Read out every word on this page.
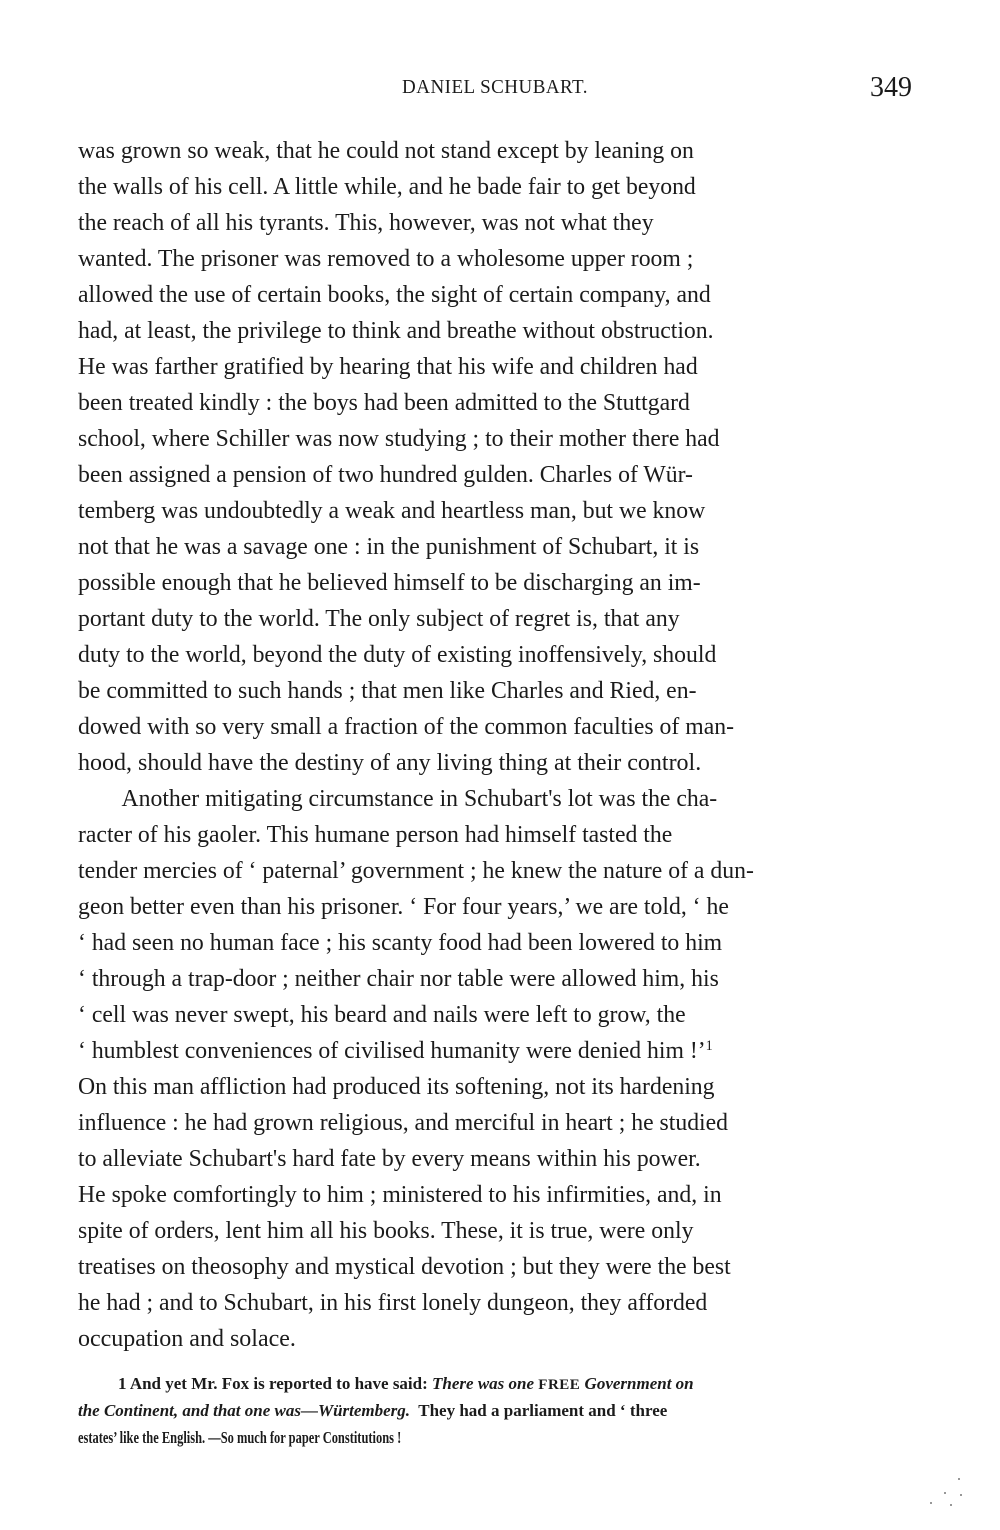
DANIEL SCHUBART.	349
was grown so weak, that he could not stand except by leaning on
the walls of his cell. A little while, and he bade fair to get beyond
the reach of all his tyrants. This, however, was not what they
wanted. The prisoner was removed to a wholesome upper room ;
allowed the use of certain books, the sight of certain company, and
had, at least, the privilege to think and breathe without obstruction.
He was farther gratified by hearing that his wife and children had
been treated kindly : the boys had been admitted to the Stuttgard
school, where Schiller was now studying ; to their mother there had
been assigned a pension of two hundred gulden. Charles of Wür-
temberg was undoubtedly a weak and heartless man, but we know
not that he was a savage one : in the punishment of Schubart, it is
possible enough that he believed himself to be discharging an im-
portant duty to the world. The only subject of regret is, that any
duty to the world, beyond the duty of existing inoffensively, should
be committed to such hands ; that men like Charles and Ried, en-
dowed with so very small a fraction of the common faculties of man-
hood, should have the destiny of any living thing at their control.
Another mitigating circumstance in Schubart's lot was the cha-
racter of his gaoler. This humane person had himself tasted the
tender mercies of ‘ paternal’ government ; he knew the nature of a dun-
geon better even than his prisoner. ‘ For four years,’ we are told, ‘ he
‘ had seen no human face ; his scanty food had been lowered to him
‘ through a trap-door ; neither chair nor table were allowed him, his
‘ cell was never swept, his beard and nails were left to grow, the
‘ humblest conveniences of civilised humanity were denied him !’$^1$
On this man affliction had produced its softening, not its hardening
influence : he had grown religious, and merciful in heart ; he studied
to alleviate Schubart's hard fate by every means within his power.
He spoke comfortingly to him ; ministered to his infirmities, and, in
spite of orders, lent him all his books. These, it is true, were only
treatises on theosophy and mystical devotion ; but they were the best
he had ; and to Schubart, in his first lonely dungeon, they afforded
occupation and solace.
1 And yet Mr. Fox is reported to have said: There was one FREE Government on
the Continent, and that one was—Würtemberg. They had a parliament and ‘ three
estates’ like the English. —So much for paper Constitutions !
